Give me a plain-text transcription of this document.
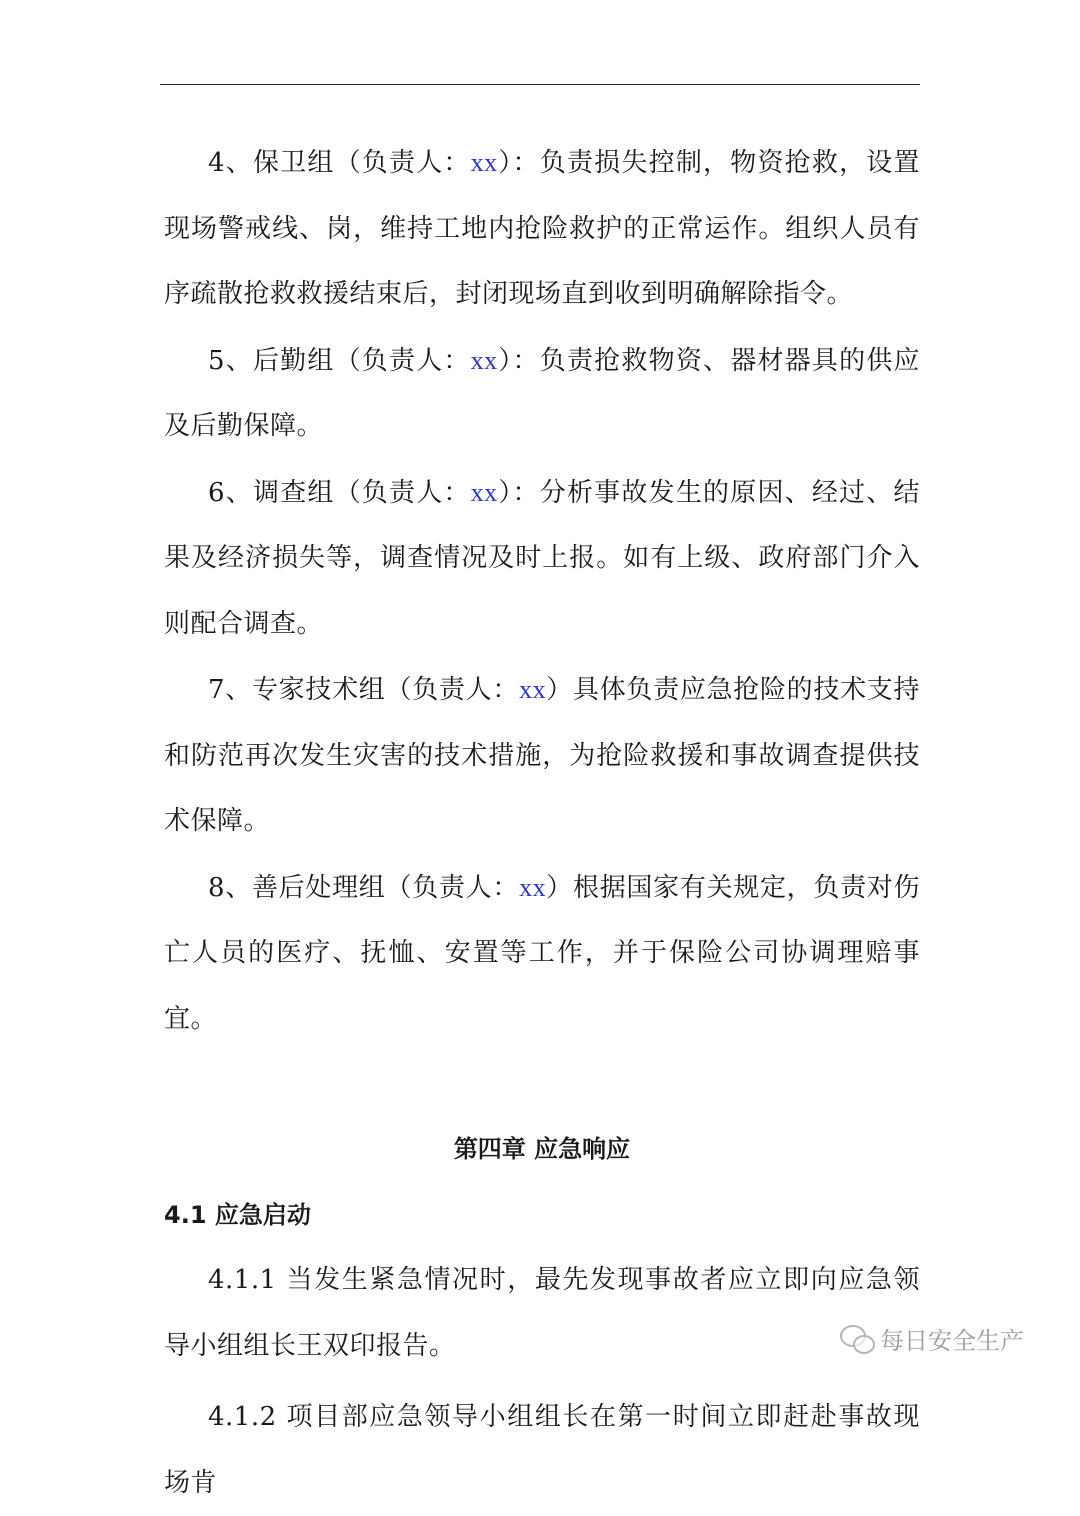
4、保卫组（负责人：xx）：负责损失控制，物资抢救，设置现场警戒线、岗，维持工地内抢险救护的正常运作。组织人员有序疏散抢救救援结束后，封闭现场直到收到明确解除指令。

5、后勤组（负责人：xx）：负责抢救物资、器材器具的供应及后勤保障。

6、调查组（负责人：xx）：分析事故发生的原因、经过、结果及经济损失等，调查情况及时上报。如有上级、政府部门介入则配合调查。

7、专家技术组（负责人：xx）具体负责应急抢险的技术支持和防范再次发生灾害的技术措施，为抢险救援和事故调查提供技术保障。

8、善后处理组（负责人：xx）根据国家有关规定，负责对伤亡人员的医疗、抚恤、安置等工作，并于保险公司协调理赔事宜。

第四章 应急响应
4.1 应急启动

4.1.1 当发生紧急情况时，最先发现事故者应立即向应急领导小组组长王双印报告。

4.1.2 项目部应急领导小组组长在第一时间立即赶赴事故现场肯

每日安全生产
